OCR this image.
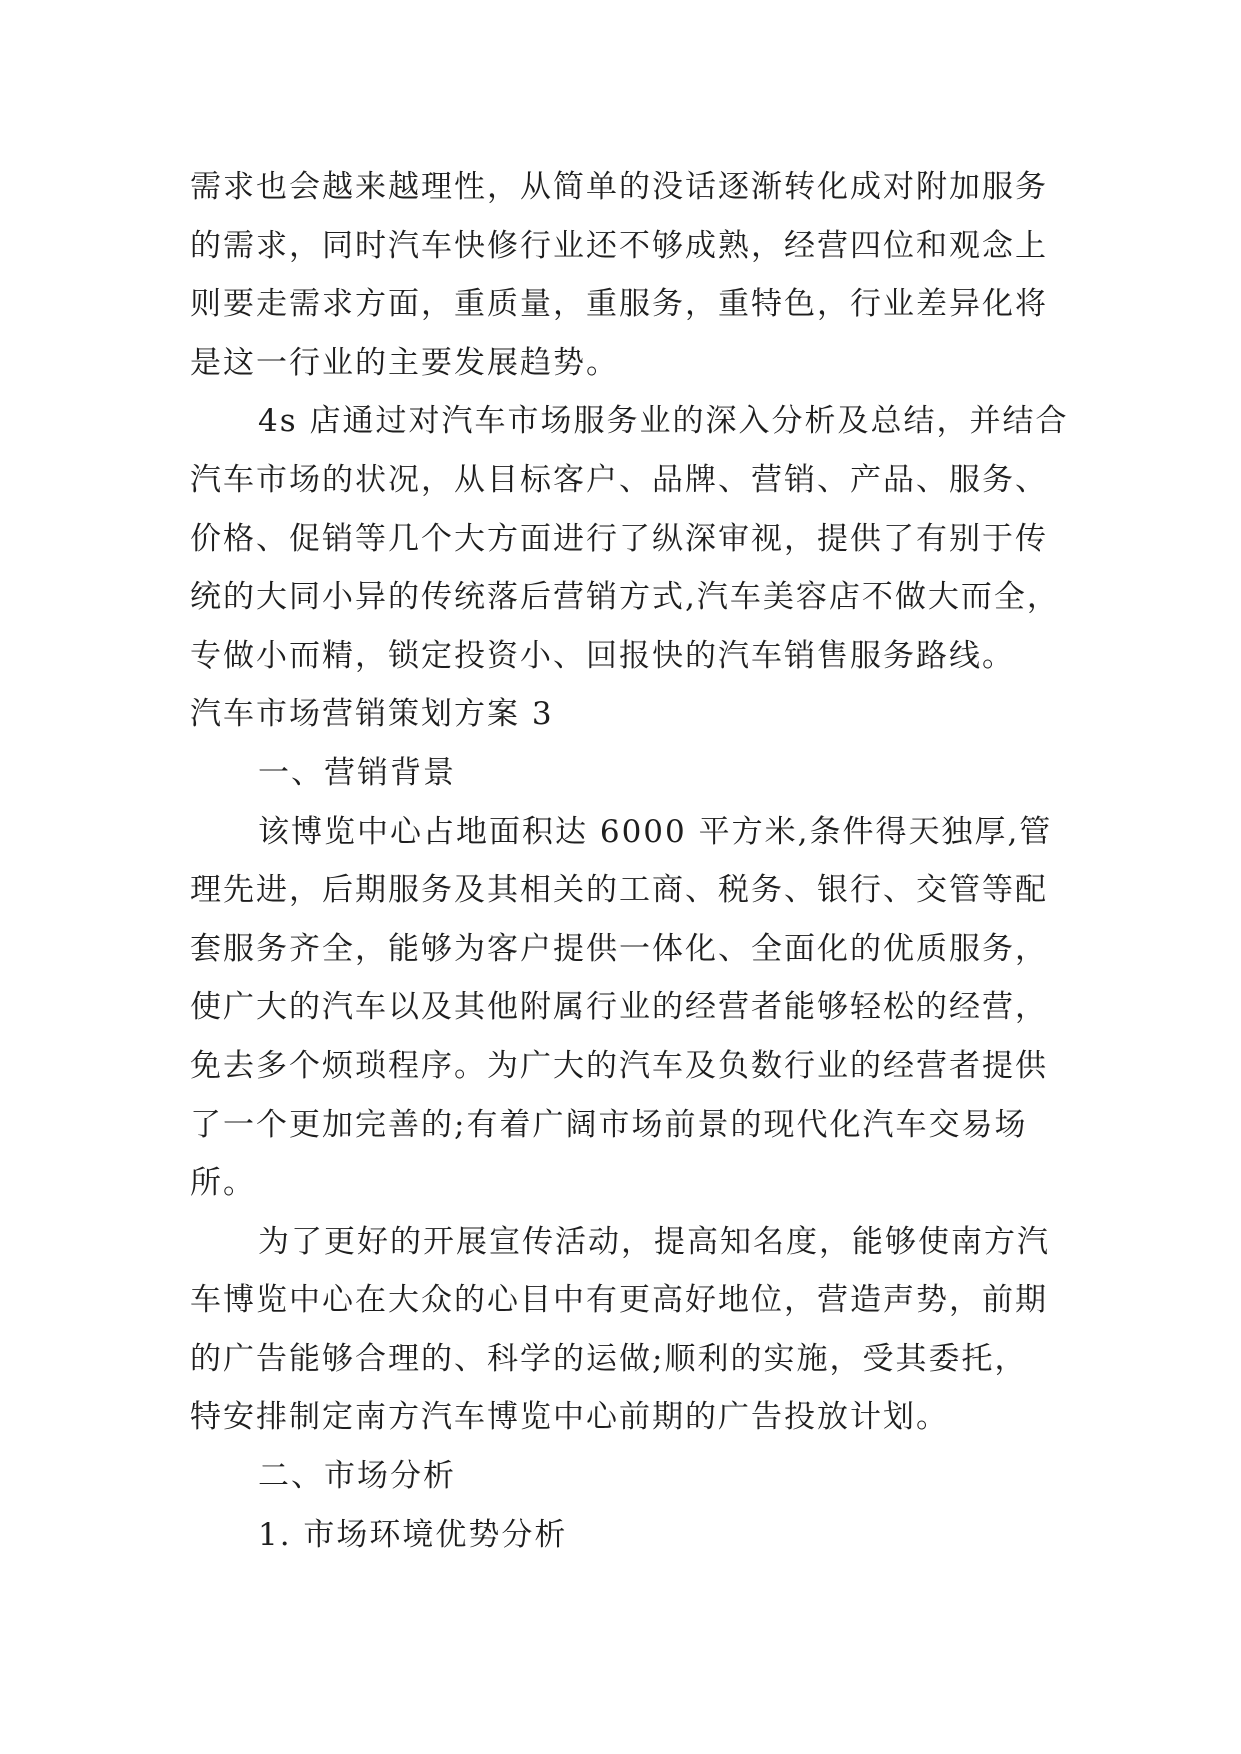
需求也会越来越理性，从简单的没话逐渐转化成对附加服务
的需求，同时汽车快修行业还不够成熟，经营四位和观念上
则要走需求方面，重质量，重服务，重特色，行业差异化将
是这一行业的主要发展趋势。
4s 店通过对汽车市场服务业的深入分析及总结，并结合
汽车市场的状况，从目标客户、品牌、营销、产品、服务、
价格、促销等几个大方面进行了纵深审视，提供了有别于传
统的大同小异的传统落后营销方式,汽车美容店不做大而全，
专做小而精，锁定投资小、回报快的汽车销售服务路线。
汽车市场营销策划方案 3
一、营销背景
该博览中心占地面积达 6000 平方米,条件得天独厚,管
理先进，后期服务及其相关的工商、税务、银行、交管等配
套服务齐全，能够为客户提供一体化、全面化的优质服务，
使广大的汽车以及其他附属行业的经营者能够轻松的经营，
免去多个烦琐程序。为广大的汽车及负数行业的经营者提供
了一个更加完善的;有着广阔市场前景的现代化汽车交易场
所。
为了更好的开展宣传活动，提高知名度，能够使南方汽
车博览中心在大众的心目中有更高好地位，营造声势，前期
的广告能够合理的、科学的运做;顺利的实施，受其委托，
特安排制定南方汽车博览中心前期的广告投放计划。
二、市场分析
1. 市场环境优势分析
